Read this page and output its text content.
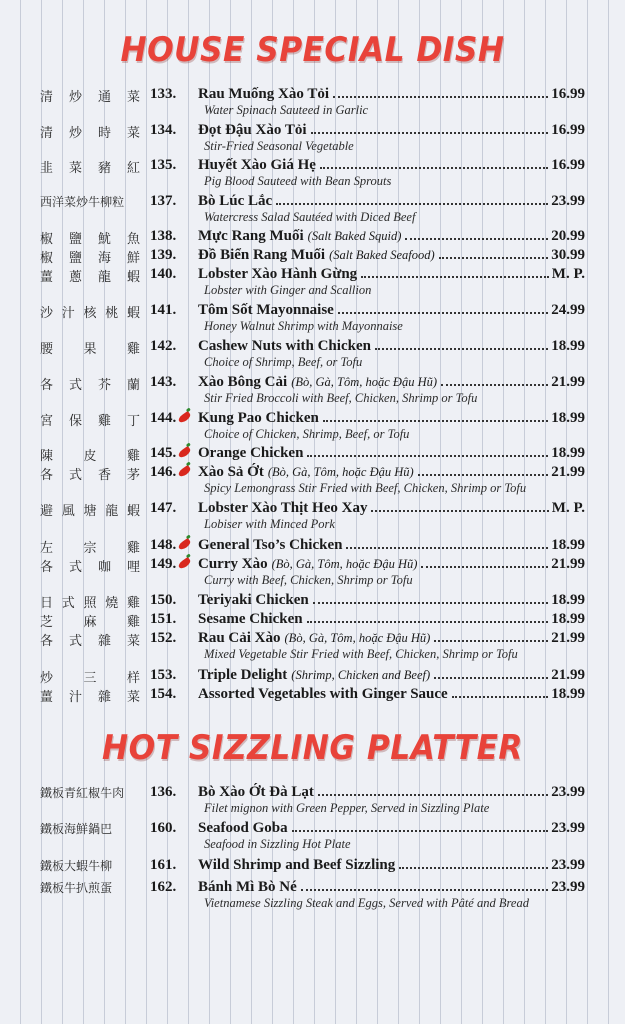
HOUSE SPECIAL DISH
清 炒 通 菜 133. Rau Muống Xào Tỏi	16.99
Water Spinach Sauteed in Garlic
清 炒 時 菜 134. Đọt Đậu Xào Tỏi	16.99
Stir-Fried Seasonal Vegetable
韭 菜 豬 紅 135. Huyết Xào Giá Hẹ	16.99
Pig Blood Sauteed with Bean Sprouts
西 洋 菜 炒 牛 柳 粒 137. Bò Lúc Lắc	23.99
Watercress Salad Sautéed with Diced Beef
椒 鹽 魷 魚 138. Mực Rang Muối (Salt Baked Squid)	20.99
椒 鹽 海 鮮 139. Đồ Biển Rang Muối (Salt Baked Seafood)	30.99
薑 蔥 龍 蝦 140. Lobster Xào Hành Gừng	M. P.
Lobster with Ginger and Scallion
沙 汁 核 桃 蝦 141. Tôm Sốt Mayonnaise	24.99
Honey Walnut Shrimp with Mayonnaise
腰 果 雞 142. Cashew Nuts with Chicken	18.99
Choice of Shrimp, Beef, or Tofu
各 式 芥 蘭 143. Xào Bông Cải (Bò, Gà, Tôm, hoặc Đậu Hũ)	21.99
Stir Fried Broccoli with Beef, Chicken, Shrimp or Tofu
宮 保 雞 丁 144. Kung Pao Chicken	18.99
Choice of Chicken, Shrimp, Beef, or Tofu
陳 皮 雞 145. Orange Chicken	18.99
各 式 香 茅 146. Xào Sả Ớt (Bò, Gà, Tôm, hoặc Đậu Hũ)	21.99
Spicy Lemongrass Stir Fried with Beef, Chicken, Shrimp or Tofu
避 風 塘 龍 蝦 147. Lobster Xào Thịt Heo Xay	M. P.
Lobiser with Minced Pork
左 宗 雞 148. General Tso’s Chicken	18.99
各 式 咖 哩 149. Curry Xào (Bò, Gà, Tôm, hoặc Đậu Hũ)	21.99
Curry with Beef, Chicken, Shrimp or Tofu
日 式 照 燒 雞 150. Teriyaki Chicken	18.99
芝 麻 雞 151. Sesame Chicken	18.99
各 式 雜 菜 152. Rau Cải Xào (Bò, Gà, Tôm, hoặc Đậu Hũ)	21.99
Mixed Vegetable Stir Fried with Beef, Chicken, Shrimp or Tofu
炒 三 样 153. Triple Delight (Shrimp, Chicken and Beef)	21.99
薑 汁 雜 菜 154. Assorted Vegetables with Ginger Sauce	18.99
HOT SIZZLING PLATTER
鐵 板 青 紅 椒 牛 肉 136. Bò Xào Ớt Đà Lạt	23.99
Filet mignon with Green Pepper, Served in Sizzling Plate
鐵 板 海 鮮 鍋 巴	160. Seafood Goba	23.99
Seafood in Sizzling Hot Plate
鐵 板 大 蝦 牛 柳	161. Wild Shrimp and Beef Sizzling	23.99
鐵 板 牛 扒 煎 蛋	162. Bánh Mì Bò Né	23.99
Vietnamese Sizzling Steak and Eggs, Served with Pâté and Bread
